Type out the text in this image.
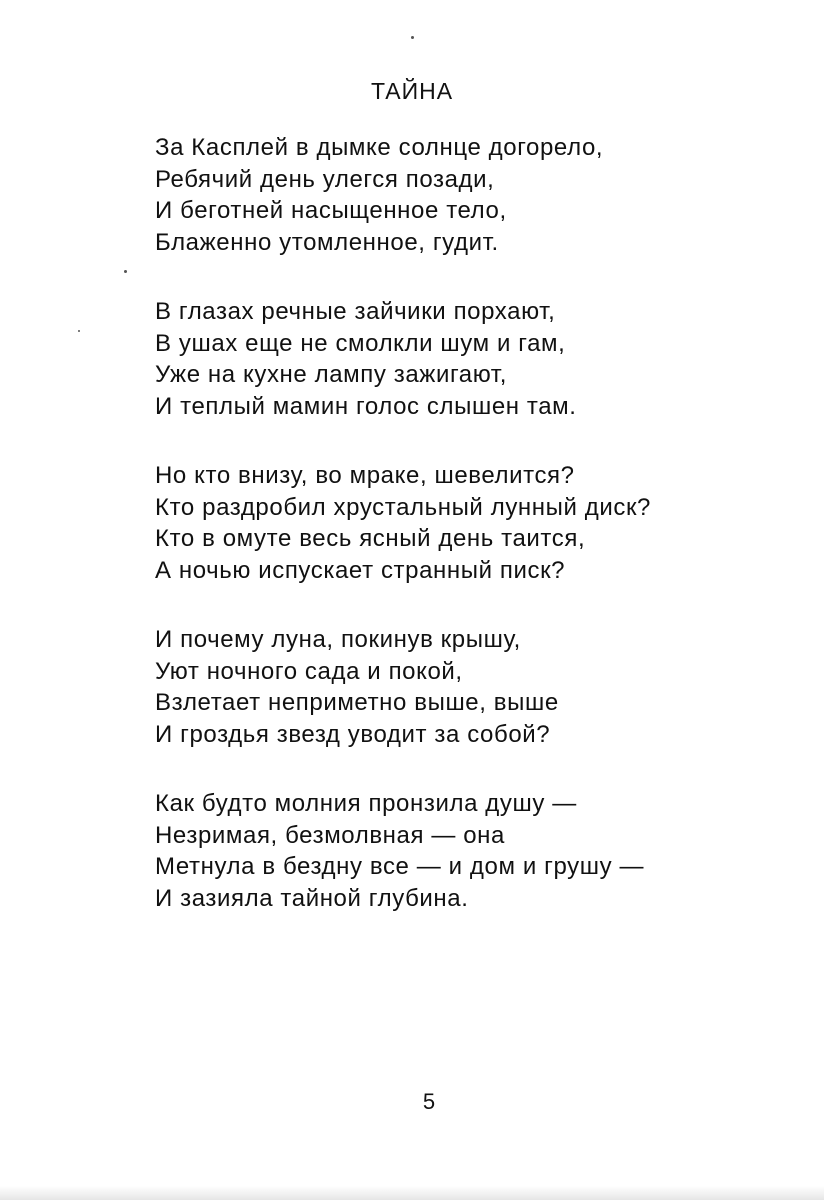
ТАЙНА
За Касплей в дымке солнце догорело,
Ребячий день улегся позади,
И беготней насыщенное тело,
Блаженно утомленное, гудит.
В глазах речные зайчики порхают,
В ушах еще не смолкли шум и гам,
Уже на кухне лампу зажигают,
И теплый мамин голос слышен там.
Но кто внизу, во мраке, шевелится?
Кто раздробил хрустальный лунный диск?
Кто в омуте весь ясный день таится,
А ночью испускает странный писк?
И почему луна, покинув крышу,
Уют ночного сада и покой,
Взлетает неприметно выше, выше
И гроздья звезд уводит за собой?
Как будто молния пронзила душу —
Незримая, безмолвная — она
Метнула в бездну все — и дом и грушу —
И зазияла тайной глубина.
5
